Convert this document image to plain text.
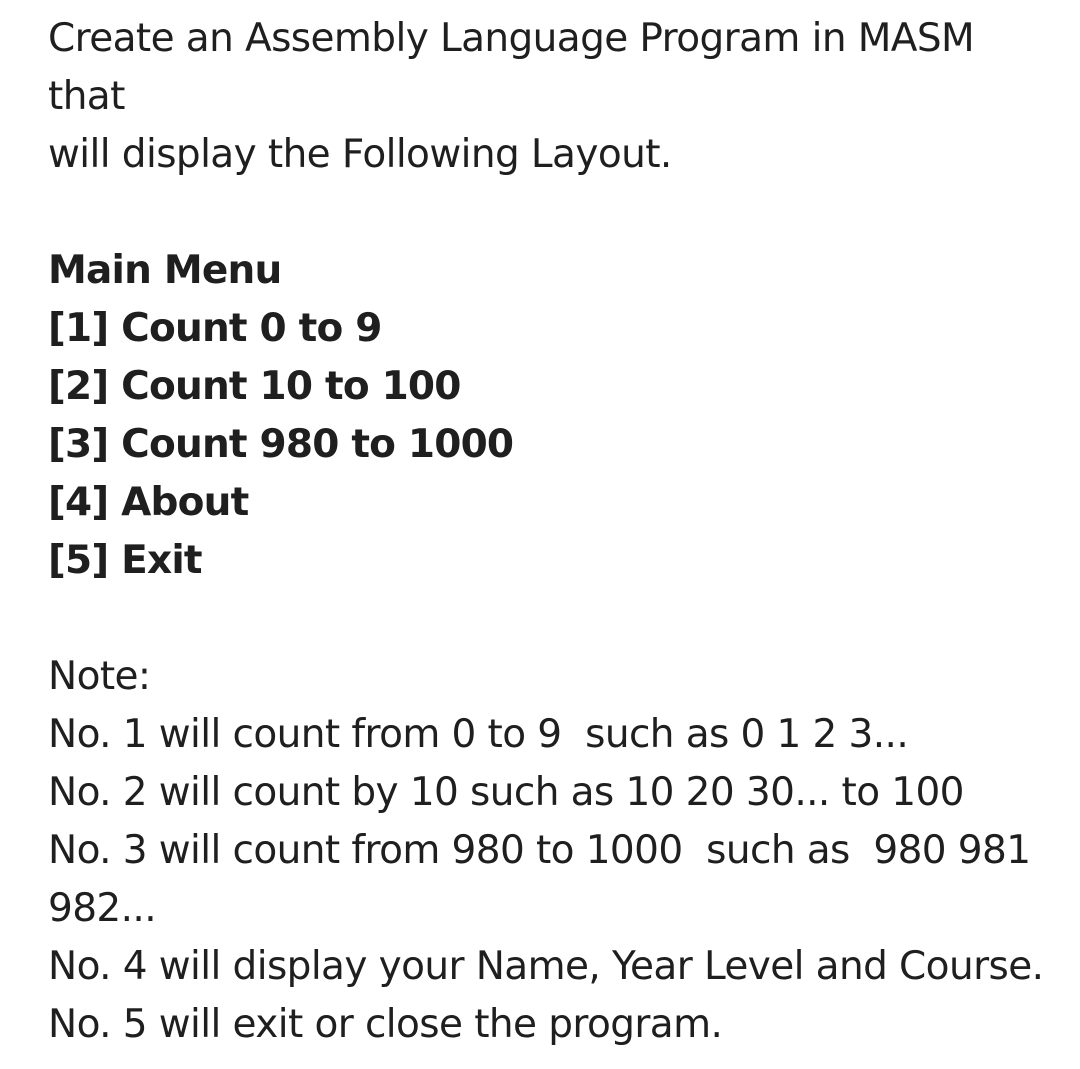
Create an Assembly Language Program in MASM
that
will display the Following Layout.
Main Menu
[1] Count 0 to 9
[2] Count 10 to 100
[3] Count 980 to 1000
[4] About
[5] Exit
Note:
No. 1 will count from 0 to 9  such as 0 1 2 3...
No. 2 will count by 10 such as 10 20 30... to 100
No. 3 will count from 980 to 1000  such as  980 981
982...
No. 4 will display your Name, Year Level and Course.
No. 5 will exit or close the program.
